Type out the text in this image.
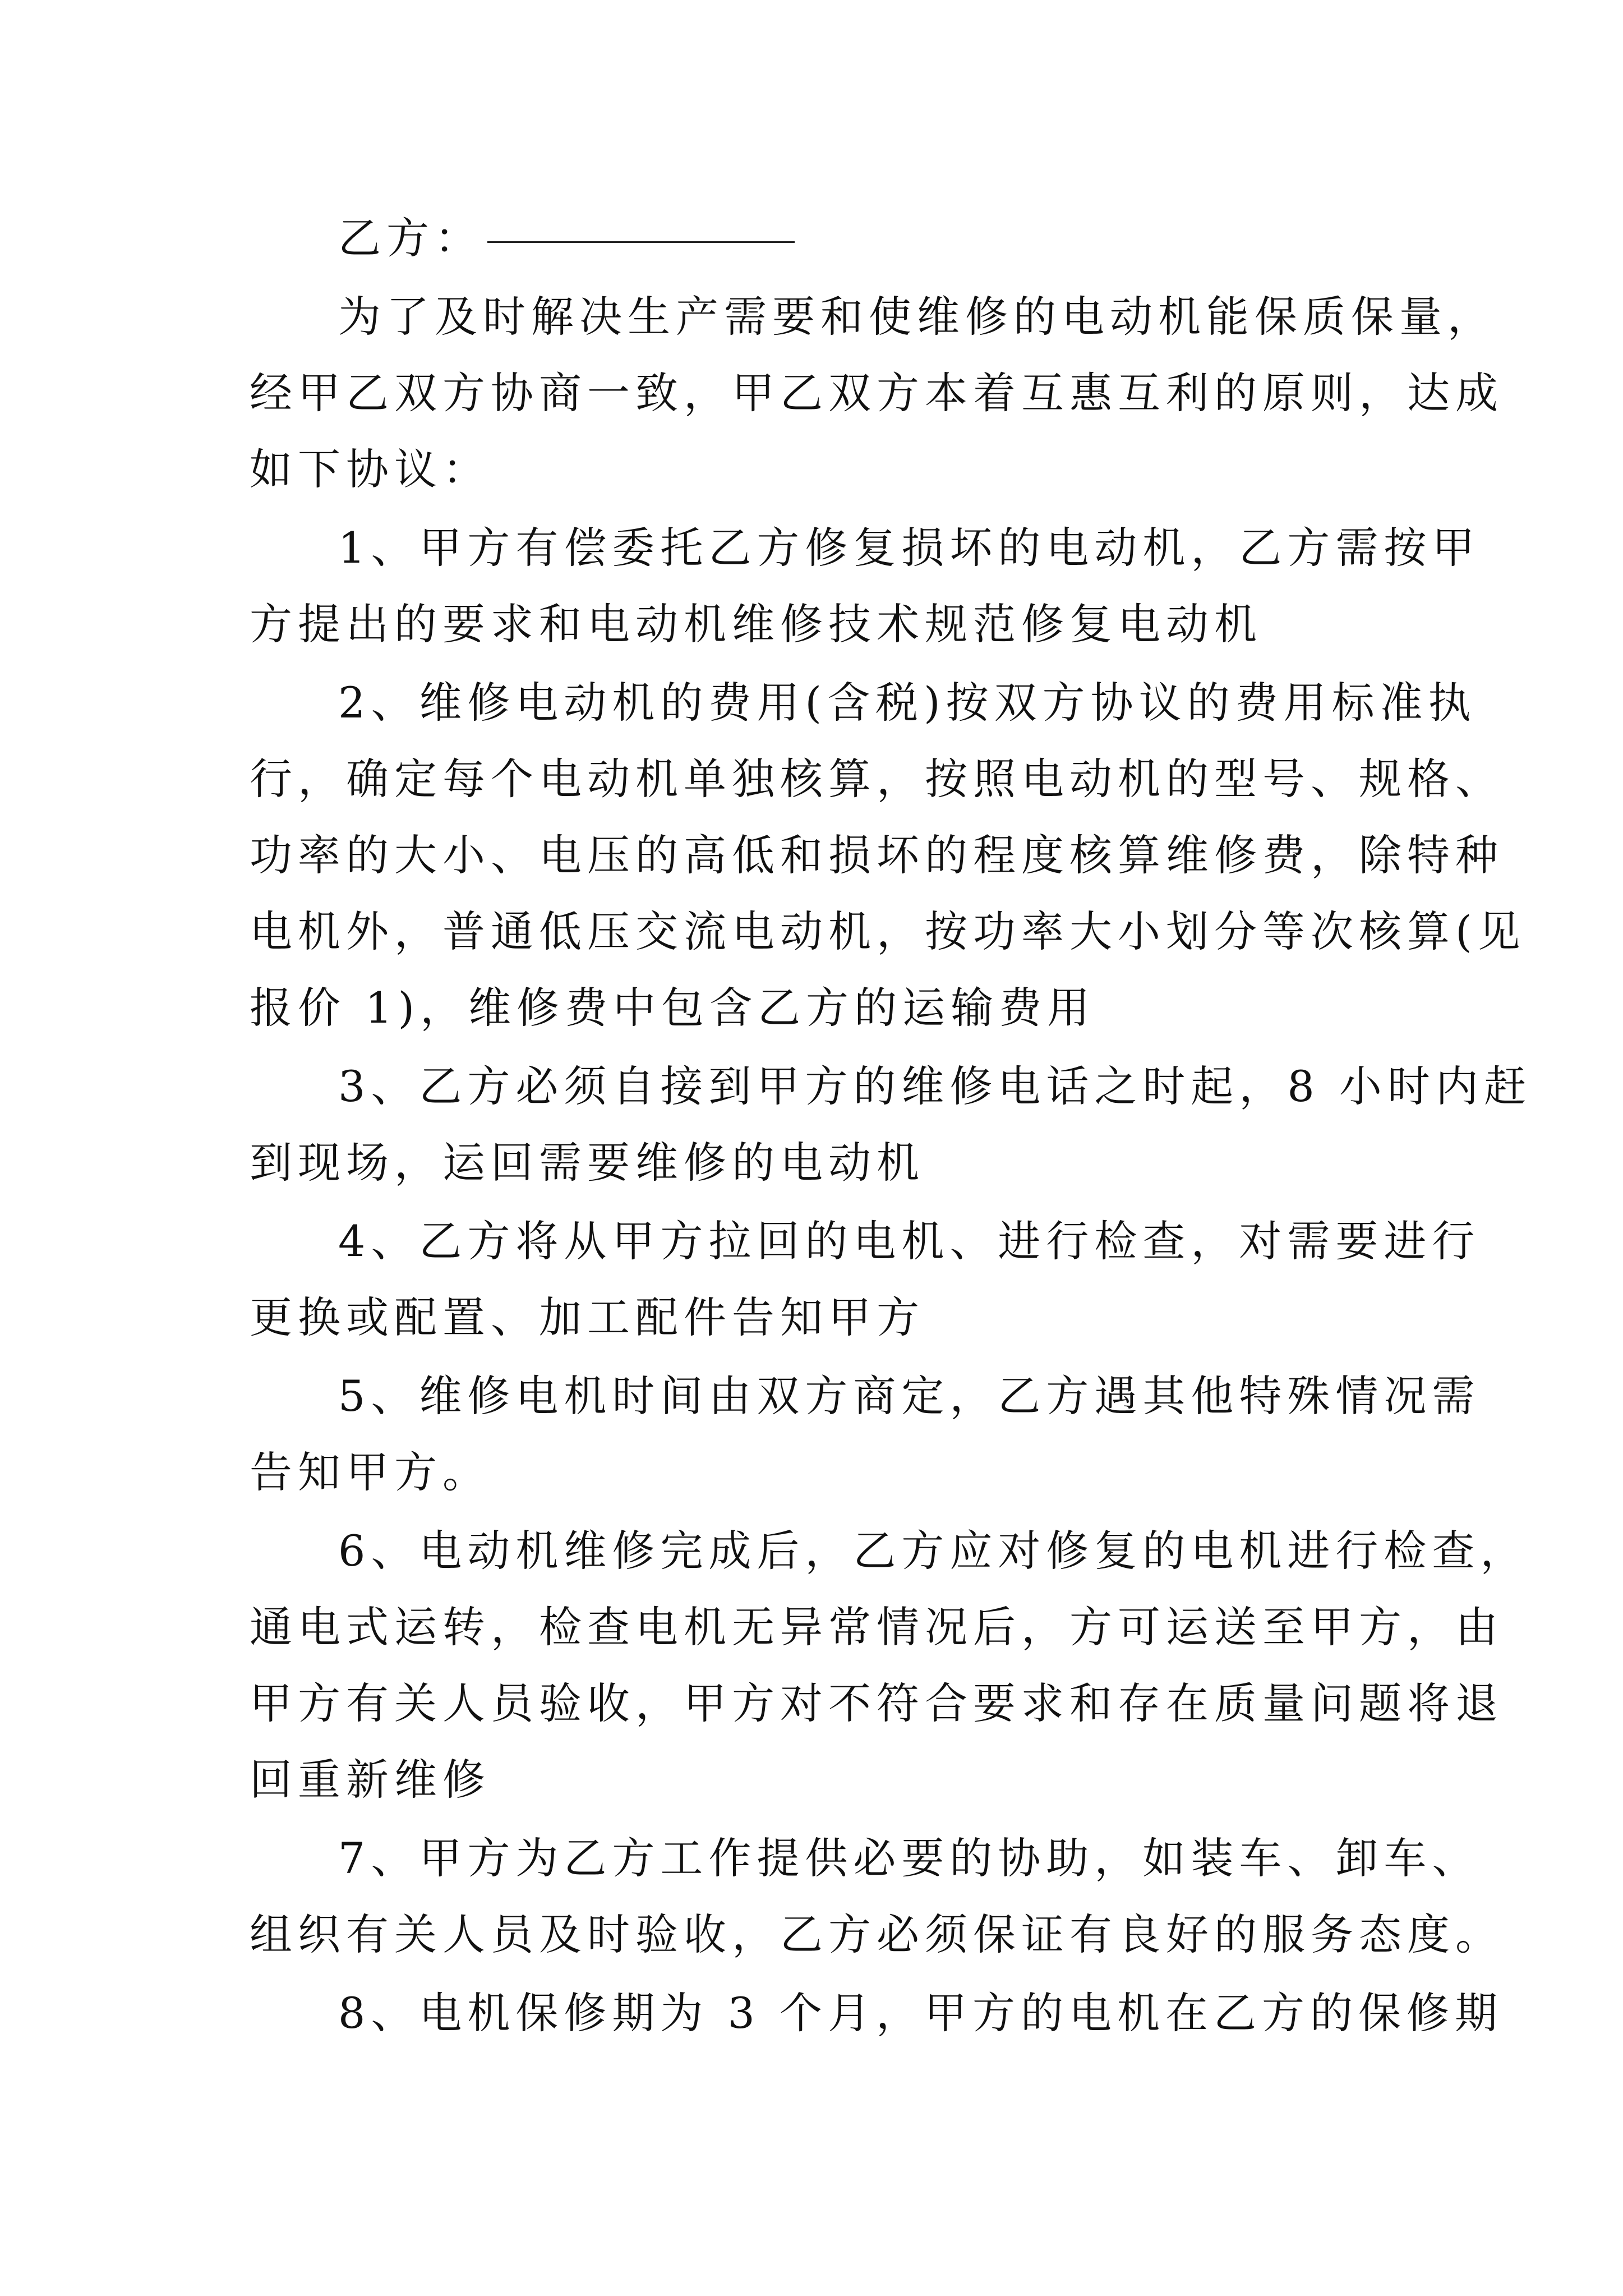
乙方：
为了及时解决生产需要和使维修的电动机能保质保量，
经甲乙双方协商一致，甲乙双方本着互惠互利的原则，达成
如下协议：
1、甲方有偿委托乙方修复损坏的电动机，乙方需按甲
方提出的要求和电动机维修技术规范修复电动机
2、维修电动机的费用(含税)按双方协议的费用标准执
行，确定每个电动机单独核算，按照电动机的型号、规格、
功率的大小、电压的高低和损坏的程度核算维修费，除特种
电机外，普通低压交流电动机，按功率大小划分等次核算(见
报价 1)，维修费中包含乙方的运输费用
3、乙方必须自接到甲方的维修电话之时起，8 小时内赶
到现场，运回需要维修的电动机
4、乙方将从甲方拉回的电机、进行检查，对需要进行
更换或配置、加工配件告知甲方
5、维修电机时间由双方商定，乙方遇其他特殊情况需
告知甲方。
6、电动机维修完成后，乙方应对修复的电机进行检查，
通电式运转，检查电机无异常情况后，方可运送至甲方，由
甲方有关人员验收，甲方对不符合要求和存在质量问题将退
回重新维修
7、甲方为乙方工作提供必要的协助，如装车、卸车、
组织有关人员及时验收，乙方必须保证有良好的服务态度。
8、电机保修期为 3 个月，甲方的电机在乙方的保修期
